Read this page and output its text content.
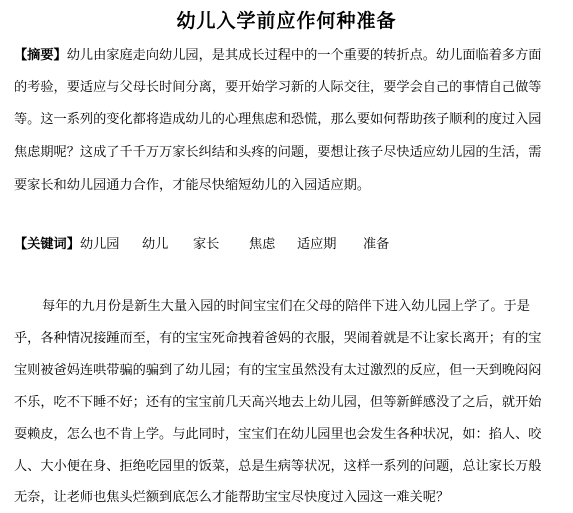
幼儿入学前应作何种准备
【摘要】幼儿由家庭走向幼儿园，是其成长过程中的一个重要的转折点。幼儿面临着多方面
的考验，要适应与父母长时间分离，要开始学习新的人际交往，要学会自己的事情自己做等
等。这一系列的变化都将造成幼儿的心理焦虑和恐慌，那么要如何帮助孩子顺利的度过入园
焦虑期呢？这成了千千万万家长纠结和头疼的问题，要想让孩子尽快适应幼儿园的生活，需
要家长和幼儿园通力合作，才能尽快缩短幼儿的入园适应期。
【关键词】幼儿园 幼儿 家长 焦虑 适应期 准备
每年的九月份是新生大量入园的时间宝宝们在父母的陪伴下进入幼儿园上学了。于是
乎，各种情况接踵而至，有的宝宝死命拽着爸妈的衣服，哭闹着就是不让家长离开；有的宝
宝则被爸妈连哄带骗的骗到了幼儿园；有的宝宝虽然没有太过激烈的反应，但一天到晚闷闷
不乐，吃不下睡不好；还有的宝宝前几天高兴地去上幼儿园，但等新鲜感没了之后，就开始
耍赖皮，怎么也不肯上学。与此同时，宝宝们在幼儿园里也会发生各种状况，如：掐人、咬
人、大小便在身、拒绝吃园里的饭菜，总是生病等状况，这样一系列的问题，总让家长万般
无奈，让老师也焦头烂额到底怎么才能帮助宝宝尽快度过入园这一难关呢？
